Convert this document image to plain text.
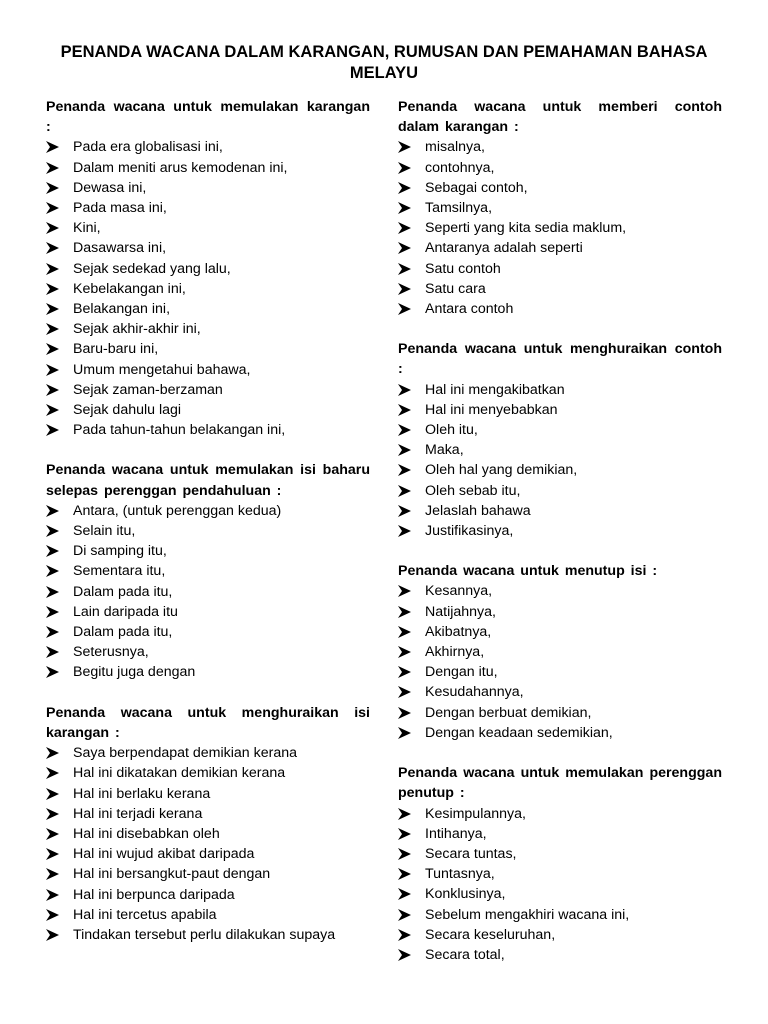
PENANDA WACANA DALAM KARANGAN, RUMUSAN DAN PEMAHAMAN BAHASA MELAYU
Penanda wacana untuk memulakan karangan :
Pada era globalisasi ini,
Dalam meniti arus kemodenan ini,
Dewasa ini,
Pada masa ini,
Kini,
Dasawarsa ini,
Sejak sedekad yang lalu,
Kebelakangan ini,
Belakangan ini,
Sejak akhir-akhir ini,
Baru-baru ini,
Umum mengetahui bahawa,
Sejak zaman-berzaman
Sejak dahulu lagi
Pada tahun-tahun belakangan ini,
Penanda wacana untuk memulakan isi baharu selepas perenggan pendahuluan :
Antara, (untuk perenggan kedua)
Selain itu,
Di samping itu,
Sementara itu,
Dalam pada itu,
Lain daripada itu
Dalam pada itu,
Seterusnya,
Begitu juga dengan
Penanda wacana untuk menghuraikan isi karangan :
Saya berpendapat demikian kerana
Hal ini dikatakan demikian kerana
Hal ini berlaku kerana
Hal ini terjadi kerana
Hal ini disebabkan oleh
Hal ini wujud akibat daripada
Hal ini bersangkut-paut dengan
Hal ini berpunca daripada
Hal ini tercetus apabila
Tindakan tersebut perlu dilakukan supaya
Penanda wacana untuk memberi contoh dalam karangan :
misalnya,
contohnya,
Sebagai contoh,
Tamsilnya,
Seperti yang kita sedia maklum,
Antaranya adalah seperti
Satu contoh
Satu cara
Antara contoh
Penanda wacana untuk menghuraikan contoh :
Hal ini mengakibatkan
Hal ini menyebabkan
Oleh itu,
Maka,
Oleh hal yang demikian,
Oleh sebab itu,
Jelaslah bahawa
Justifikasinya,
Penanda wacana untuk menutup isi :
Kesannya,
Natijahnya,
Akibatnya,
Akhirnya,
Dengan itu,
Kesudahannya,
Dengan berbuat demikian,
Dengan keadaan sedemikian,
Penanda wacana untuk memulakan perenggan penutup :
Kesimpulannya,
Intihanya,
Secara tuntas,
Tuntasnya,
Konklusinya,
Sebelum mengakhiri wacana ini,
Secara keseluruhan,
Secara total,
